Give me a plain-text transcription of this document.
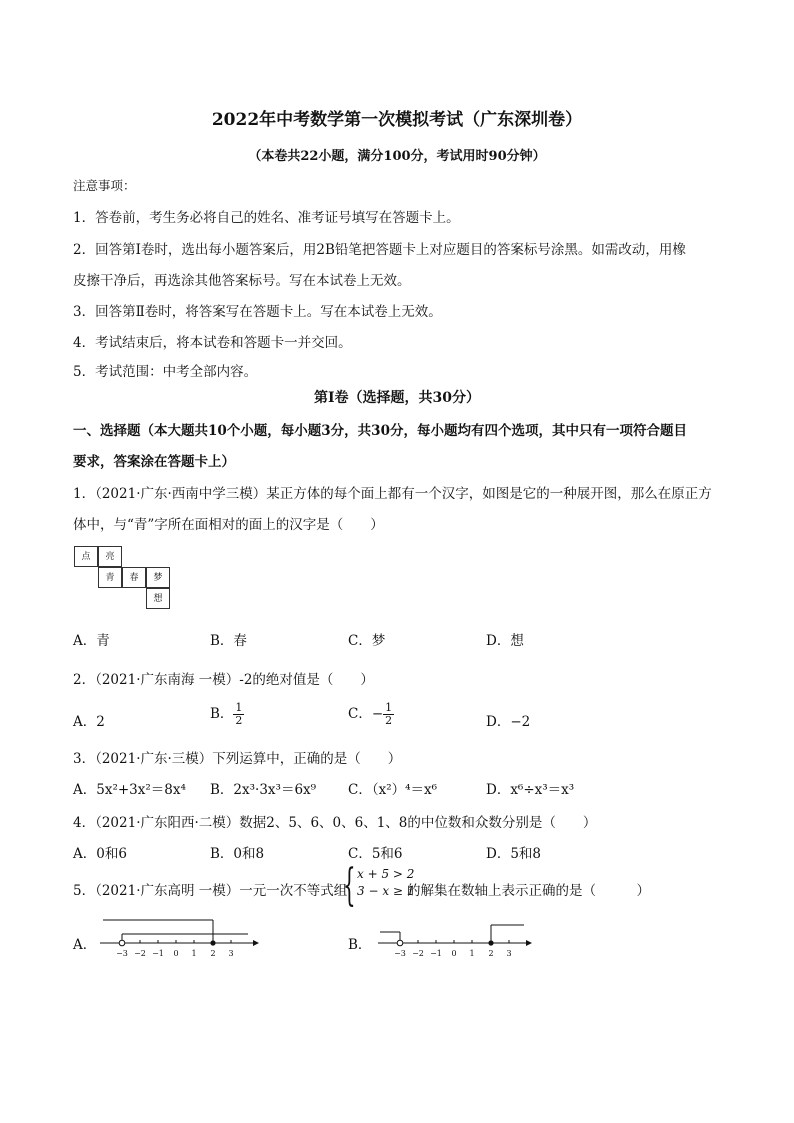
2022年中考数学第一次模拟考试（广东深圳卷）
（本卷共22小题，满分100分，考试用时90分钟）
注意事项：
1．答卷前，考生务必将自己的姓名、准考证号填写在答题卡上。
2．回答第Ⅰ卷时，选出每小题答案后，用2B铅笔把答题卡上对应题目的答案标号涂黑。如需改动，用橡
皮擦干净后，再选涂其他答案标号。写在本试卷上无效。
3．回答第Ⅱ卷时，将答案写在答题卡上。写在本试卷上无效。
4．考试结束后，将本试卷和答题卡一并交回。
5．考试范围：中考全部内容。
第Ⅰ卷（选择题，共30分）
一、选择题（本大题共10个小题，每小题3分，共30分，每小题均有四个选项，其中只有一项符合题目
要求，答案涂在答题卡上）
1．（2021·广东·西南中学三模）某正方体的每个面上都有一个汉字，如图是它的一种展开图，那么在原正方
体中，与“青”字所在面相对的面上的汉字是（　　）
点	亮
青	春	梦
想
A．青	B．春	C．梦	D．想
2．（2021·广东南海 一模）-2的绝对值是（　　）
A．2	B． $\frac{1}{2}$	C．− $\frac{1}{2}$	D．−2
3．（2021·广东·三模）下列运算中，正确的是（　　）
A．5x²+3x²＝8x⁴ B．2x³·3x³＝6x⁹ C．（x²）⁴＝x⁶	D．x⁶÷x³＝x³
4．（2021·广东阳西·二模）数据2、5、6、0、6、1、8的中位数和众数分别是（　　）
A．0和6	B．0和8	C．5和6	D．5和8
5．（2021·广东高明 一模）一元一次不等式组
{ x + 5 > 2
3 − x ≥ 1
的解集在数轴上表示正确的是（　　　）
A．
−3 −2 −1 0 1 2 3
B．
−3 −2 −1 0 1 2 3
